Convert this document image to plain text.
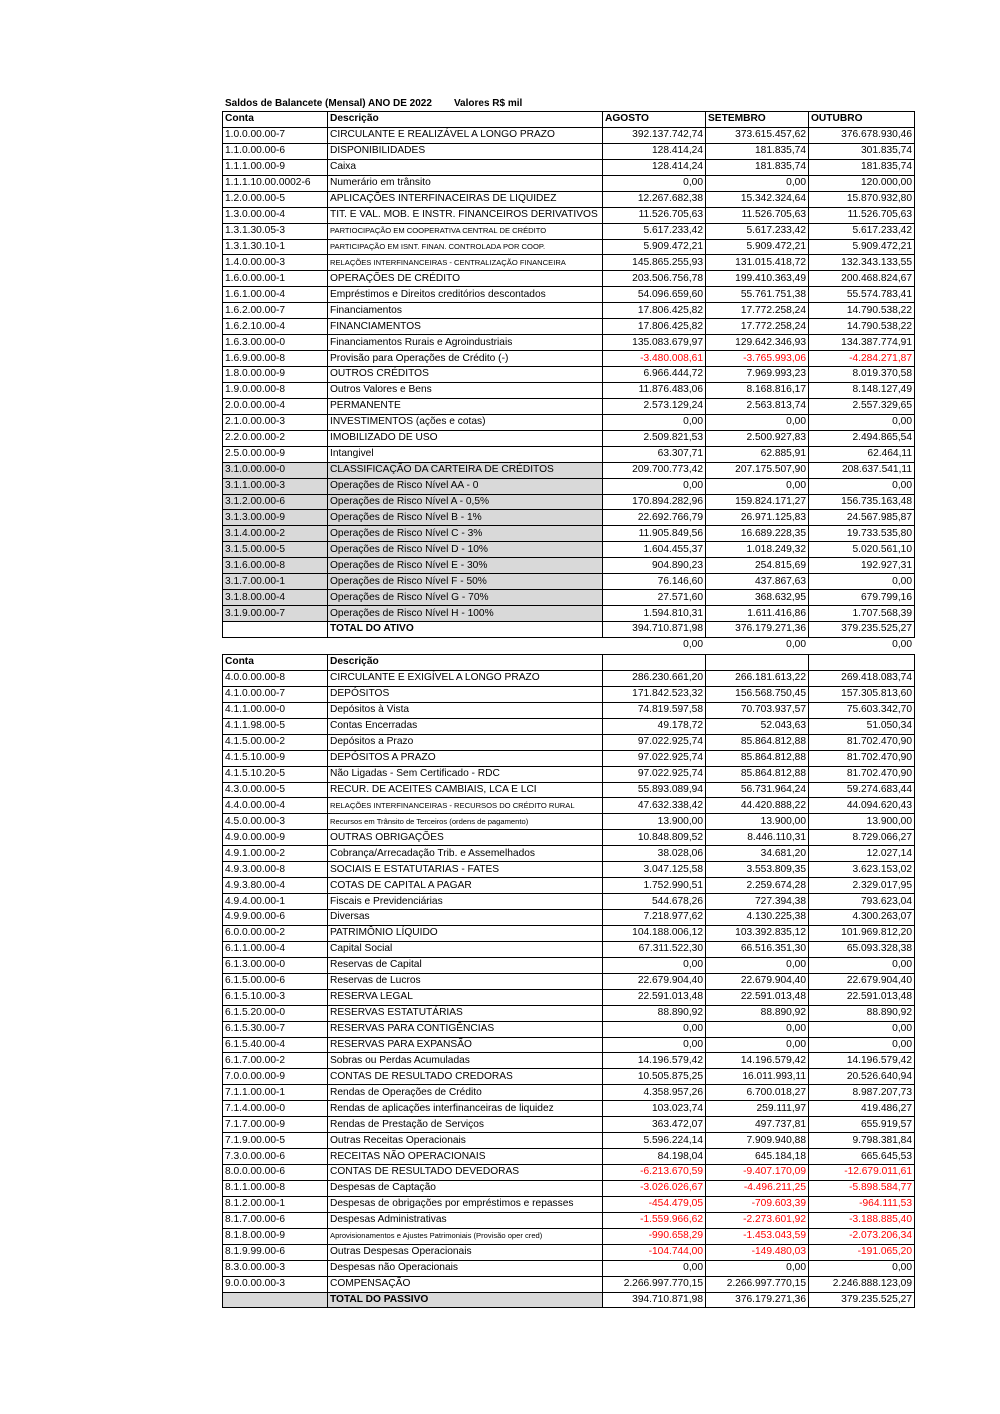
Saldos de Balancete (Mensal) ANO DE 2022 Valores R$ mil
Conta	Descrição	AGOSTO	SETEMBRO	OUTUBRO
1.0.0.00.00-7	CIRCULANTE E REALIZÁVEL A LONGO PRAZO	392.137.742,74	373.615.457,62	376.678.930,46
1.1.0.00.00-6	DISPONIBILIDADES	128.414,24	181.835,74	301.835,74
1.1.1.00.00-9	Caixa	128.414,24	181.835,74	181.835,74
1.1.1.10.00.0002-6	Numerário em trânsito	0,00	0,00	120.000,00
1.2.0.00.00-5	APLICAÇÕES INTERFINACEIRAS DE LIQUIDEZ	12.267.682,38	15.342.324,64	15.870.932,80
1.3.0.00.00-4	TIT. E VAL. MOB. E INSTR. FINANCEIROS DERIVATIVOS	11.526.705,63	11.526.705,63	11.526.705,63
1.3.1.30.05-3	PARTIOCIPAÇÃO EM COOPERATIVA CENTRAL DE CRÉDITO	5.617.233,42	5.617.233,42	5.617.233,42
1.3.1.30.10-1	PARTICIPAÇÃO EM ISNT. FINAN. CONTROLADA POR COOP.	5.909.472,21	5.909.472,21	5.909.472,21
1.4.0.00.00-3	RELAÇÕES INTERFINANCEIRAS - CENTRALIZAÇÃO FINANCEIRA	145.865.255,93	131.015.418,72	132.343.133,55
1.6.0.00.00-1	OPERAÇÕES DE CRÉDITO	203.506.756,78	199.410.363,49	200.468.824,67
1.6.1.00.00-4	Empréstimos e Direitos creditórios descontados	54.096.659,60	55.761.751,38	55.574.783,41
1.6.2.00.00-7	Financiamentos	17.806.425,82	17.772.258,24	14.790.538,22
1.6.2.10.00-4	FINANCIAMENTOS	17.806.425,82	17.772.258,24	14.790.538,22
1.6.3.00.00-0	Financiamentos Rurais e Agroindustriais	135.083.679,97	129.642.346,93	134.387.774,91
1.6.9.00.00-8	Provisão para Operações de Crédito (-)	-3.480.008,61	-3.765.993,06	-4.284.271,87
1.8.0.00.00-9	OUTROS CRÉDITOS	6.966.444,72	7.969.993,23	8.019.370,58
1.9.0.00.00-8	Outros Valores e Bens	11.876.483,06	8.168.816,17	8.148.127,49
2.0.0.00.00-4	PERMANENTE	2.573.129,24	2.563.813,74	2.557.329,65
2.1.0.00.00-3	INVESTIMENTOS (ações e cotas)	0,00	0,00	0,00
2.2.0.00.00-2	IMOBILIZADO DE USO	2.509.821,53	2.500.927,83	2.494.865,54
2.5.0.00.00-9	Intangivel	63.307,71	62.885,91	62.464,11
3.1.0.00.00-0	CLASSIFICAÇÃO DA CARTEIRA DE CRÉDITOS	209.700.773,42	207.175.507,90	208.637.541,11
3.1.1.00.00-3	Operações de Risco Nível AA - 0	0,00	0,00	0,00
3.1.2.00.00-6	Operações de Risco Nível A - 0,5%	170.894.282,96	159.824.171,27	156.735.163,48
3.1.3.00.00-9	Operações de Risco Nível B - 1%	22.692.766,79	26.971.125,83	24.567.985,87
3.1.4.00.00-2	Operações de Risco Nível C - 3%	11.905.849,56	16.689.228,35	19.733.535,80
3.1.5.00.00-5	Operações de Risco Nível D - 10%	1.604.455,37	1.018.249,32	5.020.561,10
3.1.6.00.00-8	Operações de Risco Nível E - 30%	904.890,23	254.815,69	192.927,31
3.1.7.00.00-1	Operações de Risco Nível F - 50%	76.146,60	437.867,63	0,00
3.1.8.00.00-4	Operações de Risco Nível G - 70%	27.571,60	368.632,95	679.799,16
3.1.9.00.00-7	Operações de Risco Nível H - 100%	1.594.810,31	1.611.416,86	1.707.568,39
	TOTAL DO ATIVO	394.710.871,98	376.179.271,36	379.235.525,27
		0,00	0,00	0,00
Conta	Descrição			
4.0.0.00.00-8	CIRCULANTE E EXIGÍVEL A LONGO PRAZO	286.230.661,20	266.181.613,22	269.418.083,74
4.1.0.00.00-7	DEPÓSITOS	171.842.523,32	156.568.750,45	157.305.813,60
4.1.1.00.00-0	Depósitos à Vista	74.819.597,58	70.703.937,57	75.603.342,70
4.1.1.98.00-5	Contas Encerradas	49.178,72	52.043,63	51.050,34
4.1.5.00.00-2	Depósitos a Prazo	97.022.925,74	85.864.812,88	81.702.470,90
4.1.5.10.00-9	DEPÓSITOS A PRAZO	97.022.925,74	85.864.812,88	81.702.470,90
4.1.5.10.20-5	Não Ligadas - Sem Certificado - RDC	97.022.925,74	85.864.812,88	81.702.470,90
4.3.0.00.00-5	RECUR. DE ACEITES CAMBIAIS, LCA E LCI	55.893.089,94	56.731.964,24	59.274.683,44
4.4.0.00.00-4	RELAÇÕES INTERFINANCEIRAS - RECURSOS DO CRÉDITO RURAL	47.632.338,42	44.420.888,22	44.094.620,43
4.5.0.00.00-3	Recursos em Trânsito de Terceiros (ordens de pagamento)	13.900,00	13.900,00	13.900,00
4.9.0.00.00-9	OUTRAS OBRIGAÇÕES	10.848.809,52	8.446.110,31	8.729.066,27
4.9.1.00.00-2	Cobrança/Arrecadação Trib. e Assemelhados	38.028,06	34.681,20	12.027,14
4.9.3.00.00-8	SOCIAIS E ESTATUTARIAS - FATES	3.047.125,58	3.553.809,35	3.623.153,02
4.9.3.80.00-4	COTAS DE CAPITAL A PAGAR	1.752.990,51	2.259.674,28	2.329.017,95
4.9.4.00.00-1	Fiscais e Previdenciárias	544.678,26	727.394,38	793.623,04
4.9.9.00.00-6	Diversas	7.218.977,62	4.130.225,38	4.300.263,07
6.0.0.00.00-2	PATRIMÔNIO LÍQUIDO	104.188.006,12	103.392.835,12	101.969.812,20
6.1.1.00.00-4	Capital Social	67.311.522,30	66.516.351,30	65.093.328,38
6.1.3.00.00-0	Reservas de Capital	0,00	0,00	0,00
6.1.5.00.00-6	Reservas de Lucros	22.679.904,40	22.679.904,40	22.679.904,40
6.1.5.10.00-3	RESERVA LEGAL	22.591.013,48	22.591.013,48	22.591.013,48
6.1.5.20.00-0	RESERVAS ESTATUTÁRIAS	88.890,92	88.890,92	88.890,92
6.1.5.30.00-7	RESERVAS PARA CONTIGÊNCIAS	0,00	0,00	0,00
6.1.5.40.00-4	RESERVAS PARA EXPANSÃO	0,00	0,00	0,00
6.1.7.00.00-2	Sobras ou Perdas Acumuladas	14.196.579,42	14.196.579,42	14.196.579,42
7.0.0.00.00-9	CONTAS DE RESULTADO CREDORAS	10.505.875,25	16.011.993,11	20.526.640,94
7.1.1.00.00-1	Rendas de Operações de Crédito	4.358.957,26	6.700.018,27	8.987.207,73
7.1.4.00.00-0	Rendas de aplicações interfinanceiras de liquidez	103.023,74	259.111,97	419.486,27
7.1.7.00.00-9	Rendas de Prestação de Serviços	363.472,07	497.737,81	655.919,57
7.1.9.00.00-5	Outras Receitas Operacionais	5.596.224,14	7.909.940,88	9.798.381,84
7.3.0.00.00-6	RECEITAS NÃO OPERACIONAIS	84.198,04	645.184,18	665.645,53
8.0.0.00.00-6	CONTAS DE RESULTADO DEVEDORAS	-6.213.670,59	-9.407.170,09	-12.679.011,61
8.1.1.00.00-8	Despesas de Captação	-3.026.026,67	-4.496.211,25	-5.898.584,77
8.1.2.00.00-1	Despesas de obrigações por empréstimos e repasses	-454.479,05	-709.603,39	-964.111,53
8.1.7.00.00-6	Despesas Administrativas	-1.559.966,62	-2.273.601,92	-3.188.885,40
8.1.8.00.00-9	Aprovisionamentos e Ajustes Patrimoniais (Provisão oper cred)	-990.658,29	-1.453.043,59	-2.073.206,34
8.1.9.99.00-6	Outras Despesas Operacionais	-104.744,00	-149.480,03	-191.065,20
8.3.0.00.00-3	Despesas não Operacionais	0,00	0,00	0,00
9.0.0.00.00-3	COMPENSAÇÃO	2.266.997.770,15	2.266.997.770,15	2.246.888.123,09
	TOTAL DO PASSIVO	394.710.871,98	376.179.271,36	379.235.525,27
